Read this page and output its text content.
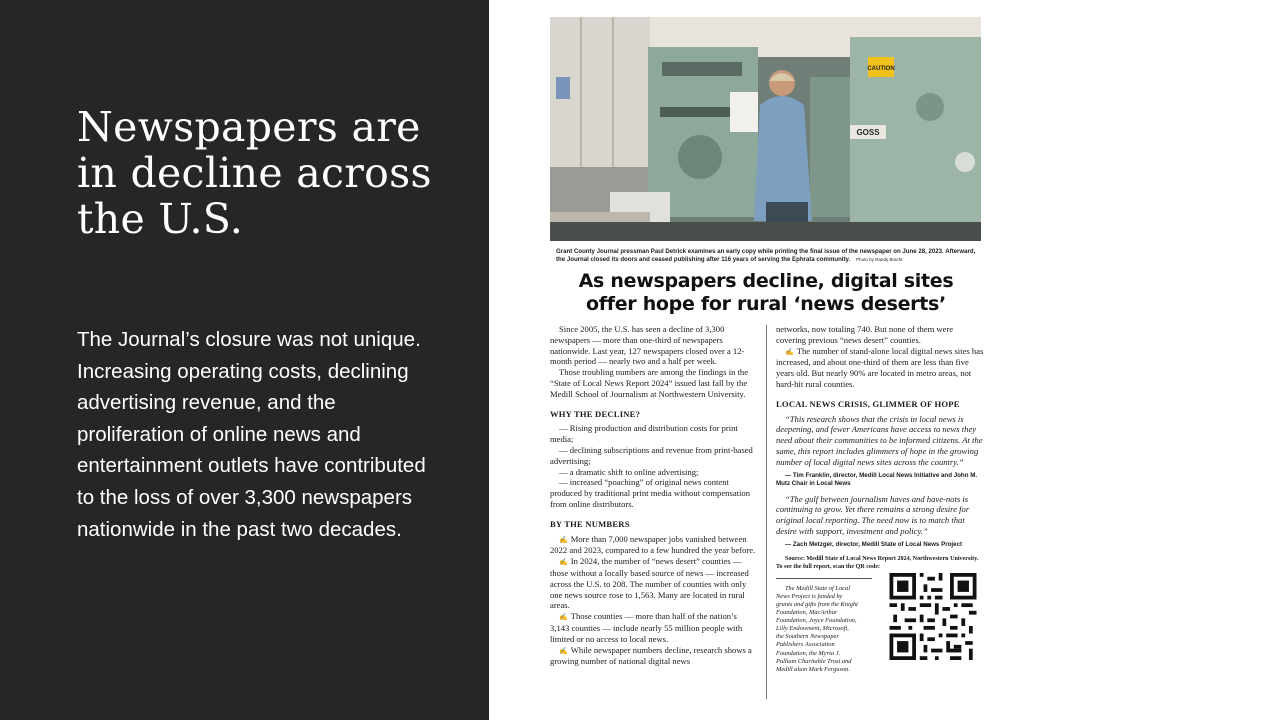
Newspapers are in decline across the U.S.

The Journal’s closure was not unique. Increasing operating costs, declining advertising revenue, and the proliferation of online news and entertainment outlets have contributed to the loss of over 3,300 newspapers nationwide in the past two decades.

CAUTION
GOSS

Grant County Journal pressman Paul Detrick examines an early copy while printing the final issue of the newspaper on June 28, 2023. Afterward, the Journal closed its doors and ceased publishing after 116 years of serving the Ephrata community. Photo by Randy Bracht

As newspapers decline, digital sites
offer hope for rural ‘news deserts’

Since 2005, the U.S. has seen a decline of 3,300 newspapers — more than one-third of newspapers nationwide. Last year, 127 newspapers closed over a 12-month period — nearly two and a half per week.

Those troubling numbers are among the findings in the “State of Local News Report 2024” issued last fall by the Medill School of Journalism at Northwestern University.

WHY THE DECLINE?

— Rising production and distribution costs for print media;

— declining subscriptions and revenue from print-based advertising;

— a dramatic shift to online advertising;

— increased “poaching” of original news content produced by traditional print media without compensation from online distributors.

BY THE NUMBERS

✍ More than 7,000 newspaper jobs vanished between 2022 and 2023, compared to a few hundred the year before.

✍ In 2024, the number of “news desert” counties — those without a locally based source of news — increased across the U.S. to 208. The number of counties with only one news source rose to 1,563. Many are located in rural areas.

✍ Those counties — more than half of the nation’s 3,143 counties — include nearly 55 million people with limited or no access to local news.

✍ While newspaper numbers decline, research shows a growing number of national digital news

networks, now totaling 740. But none of them were covering previous “news desert” counties.

✍ The number of stand-alone local digital news sites has increased, and about one-third of them are less than five years old. But nearly 90% are located in metro areas, not hard-hit rural counties.

LOCAL NEWS CRISIS, GLIMMER OF HOPE

“This research shows that the crisis in local news is deepening, and fewer Americans have access to news they need about their communities to be informed citizens. At the same, this report includes glimmers of hope in the growing number of local digital news sites across the country.”

— Tim Franklin, director, Medill Local News Initiative and John M. Mutz Chair in Local News

“The gulf between journalism haves and have-nots is continuing to grow. Yet there remains a strong desire for original local reporting. The need now is to match that desire with support, investment and policy.”

— Zach Metzger, director, Medill State of Local News Project

Source: Medill State of Local News Report 2024, Northwestern University. To see the full report, scan the QR code:

The Medill State of Local News Project is funded by grants and gifts from the Knight Foundation, MacArthur Foundation, Joyce Foundation, Lilly Endowment, Microsoft, the Southern Newspaper Publishers Association Foundation, the Myrta J. Pulliam Charitable Trust and Medill alum Mark Ferguson.
